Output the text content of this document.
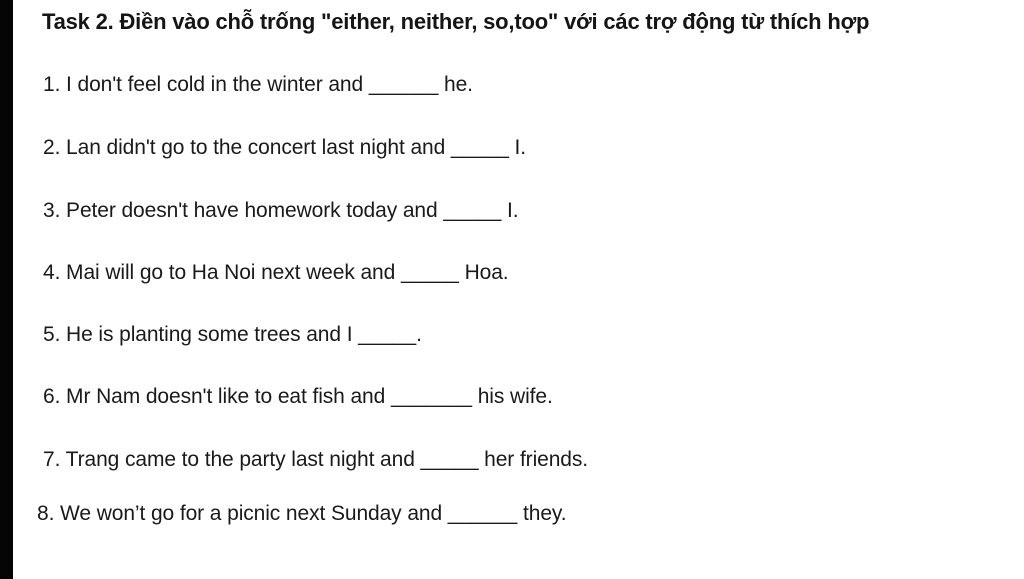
Task 2. Điền vào chỗ trống "either, neither, so,too" với các trợ động từ thích hợp
1. I don't feel cold in the winter and ______ he.
2. Lan didn't go to the concert last night and _____ I.
3. Peter doesn't have homework today and _____ I.
4. Mai will go to Ha Noi next week and _____ Hoa.
5. He is planting some trees and I _____.
6. Mr Nam doesn't like to eat fish and _______ his wife.
7. Trang came to the party last night and _____ her friends.
8. We won’t go for a picnic next Sunday and ______ they.
